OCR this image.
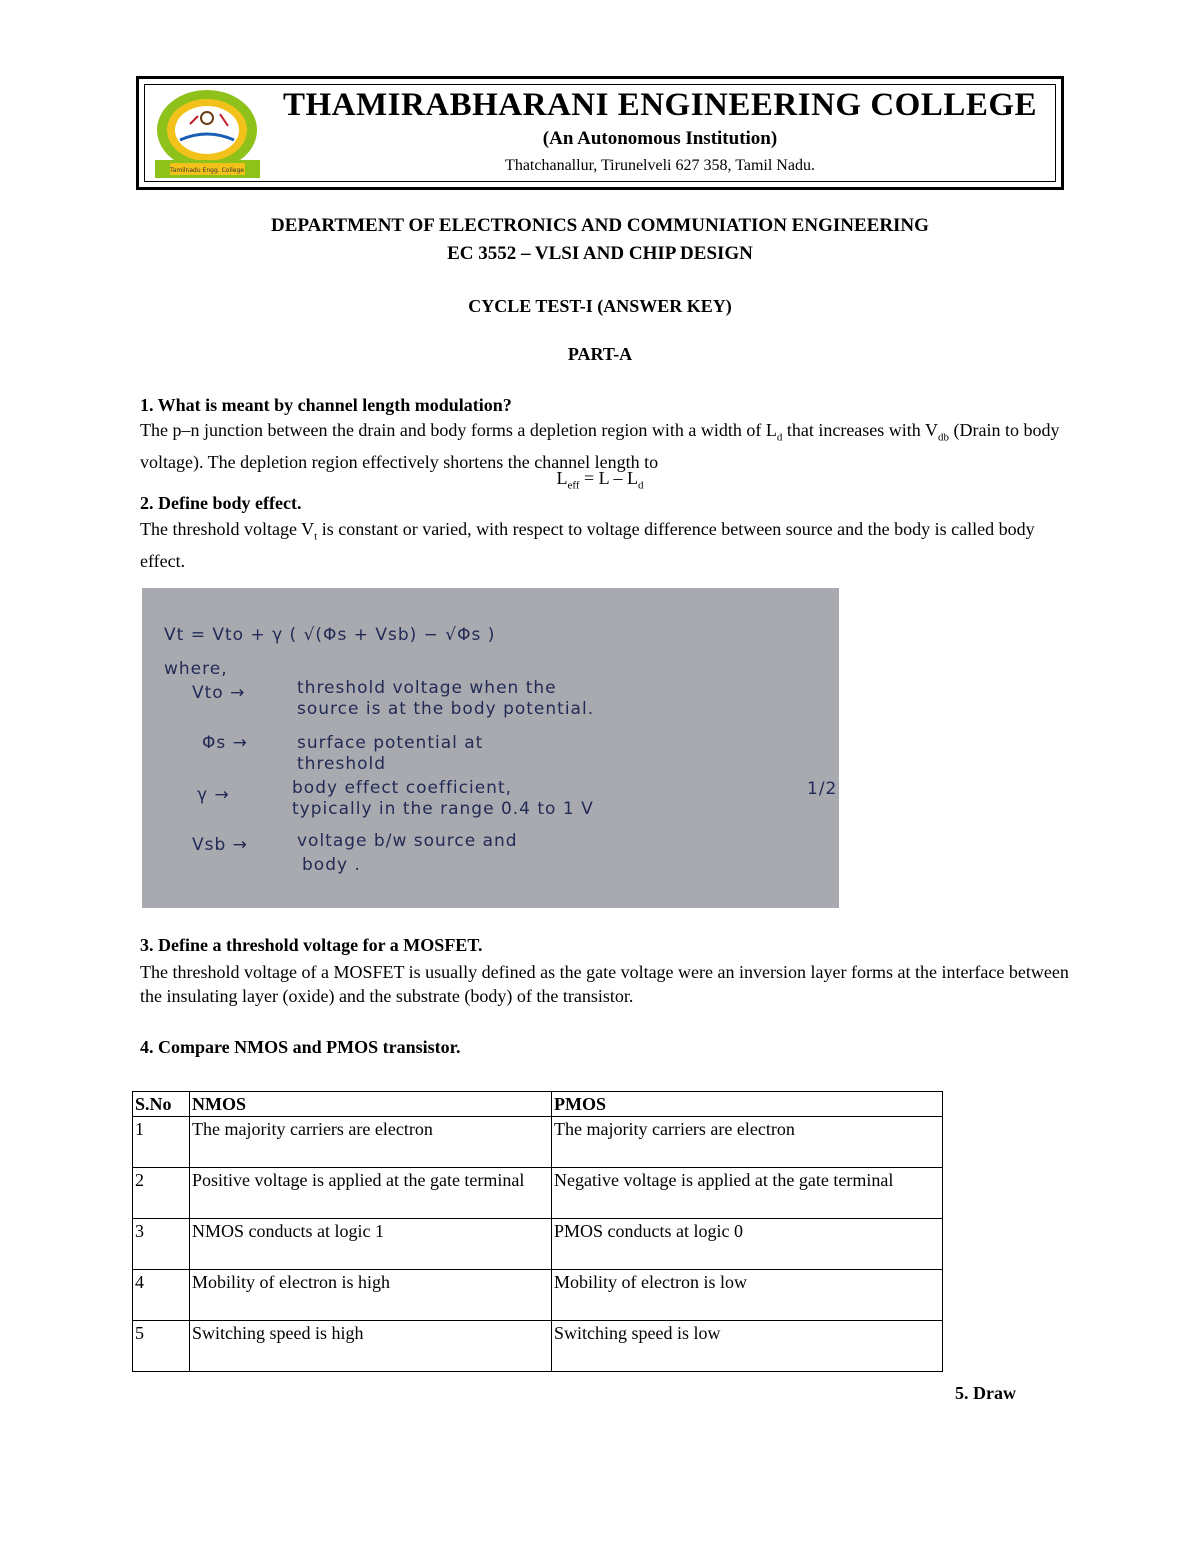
Tamilnadu Engg. College
THAMIRABHARANI ENGINEERING COLLEGE
(An Autonomous Institution)
Thatchanallur, Tirunelveli 627 358, Tamil Nadu.
DEPARTMENT OF ELECTRONICS AND COMMUNIATION ENGINEERING
EC 3552 – VLSI AND CHIP DESIGN
CYCLE TEST-I (ANSWER KEY)
PART-A
1. What is meant by channel length modulation?
The p–n junction between the drain and body forms a depletion region with a width of $L_d$ that increases with $V_{db}$ (Drain to body voltage). The depletion region effectively shortens the channel length to
$L_{eff} = L - L_d$
2. Define body effect.
The threshold voltage $V_t$ is constant or varied, with respect to voltage difference between source and the body is called body effect.
Vt = Vto + γ ( √(Φs + Vsb) − √Φs )
where,
Vto →	threshold voltage when the
source is at the body potential.
Φs →	surface potential at
threshold
γ →	body effect coefficient,
typically in the range 0.4 to 1 V
1/2
Vsb →	voltage b/w source and
body .
3. Define a threshold voltage for a MOSFET.
The threshold voltage of a MOSFET is usually defined as the gate voltage were an inversion layer forms at the interface between the insulating layer (oxide) and the substrate (body) of the transistor.
4. Compare NMOS and PMOS transistor.
S.No	NMOS	PMOS
1	The majority carriers are electron	The majority carriers are electron
2	Positive voltage is applied at the gate terminal	Negative voltage is applied at the gate terminal
3	NMOS conducts at logic 1	PMOS conducts at logic 0
4	Mobility of electron is high	Mobility of electron is low
5	Switching speed is high	Switching speed is low
5. Draw
